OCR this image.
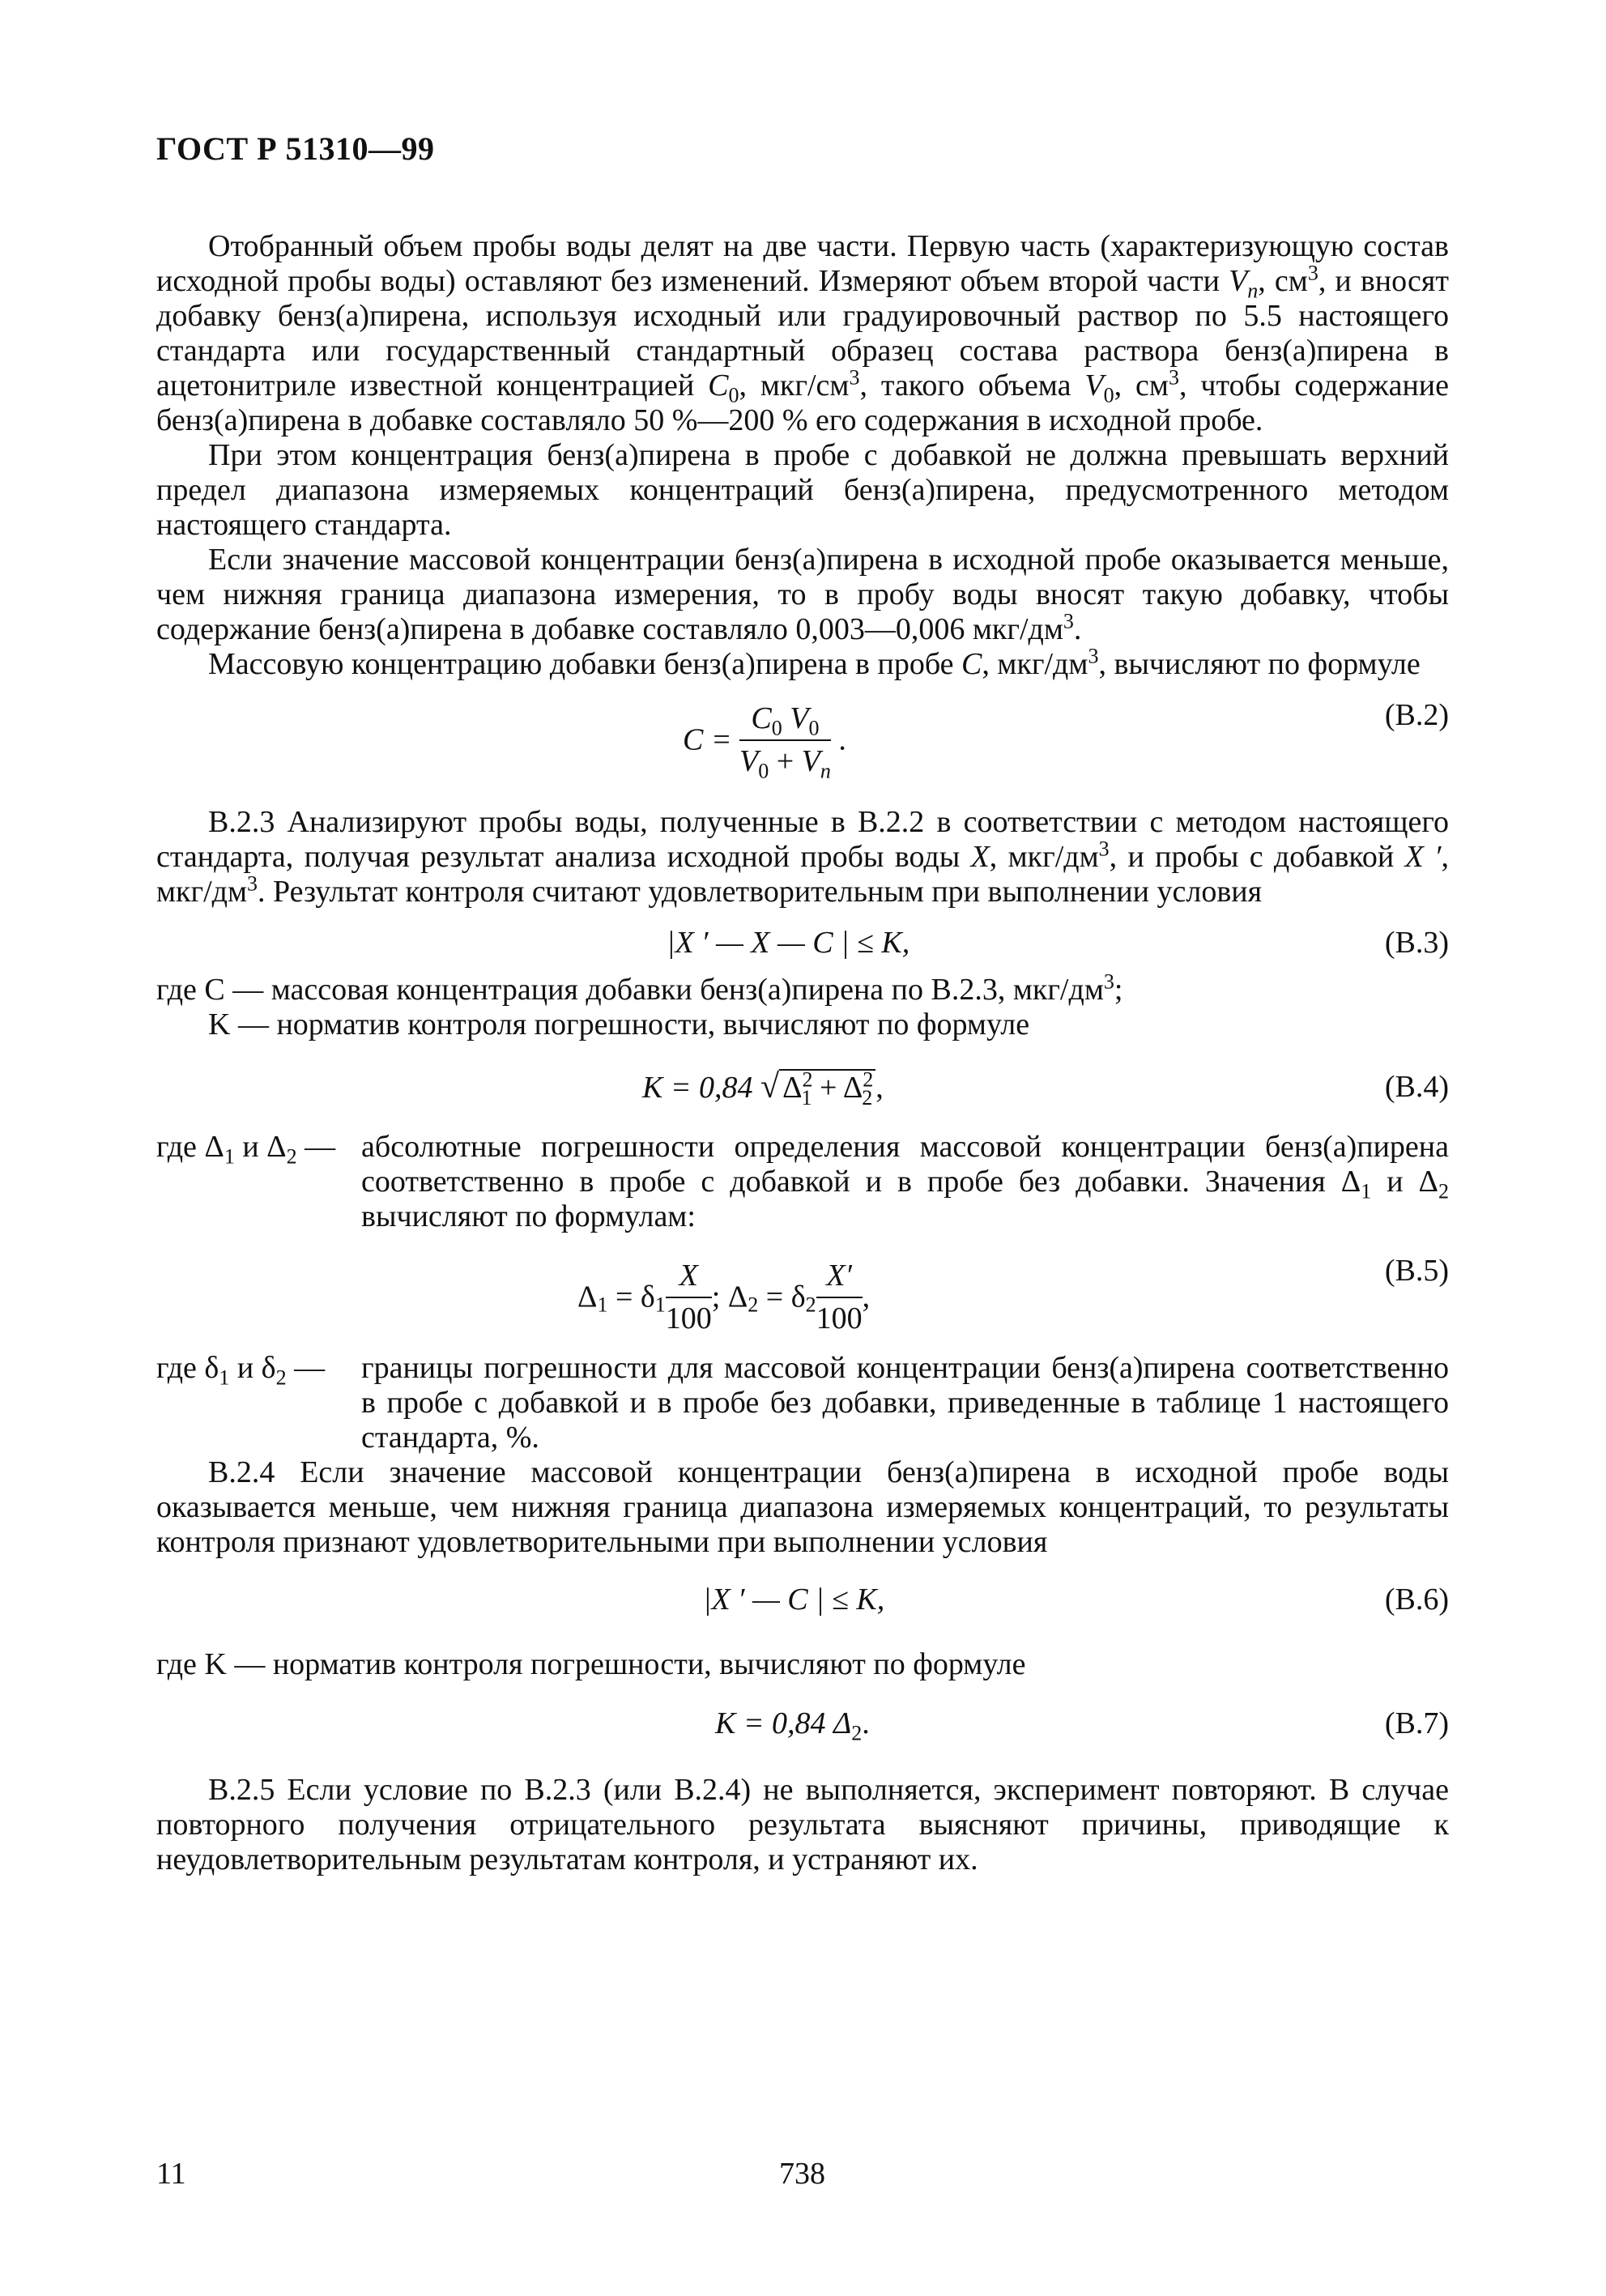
ГОСТ Р 51310—99

Отобранный объем пробы воды делят на две части. Первую часть (характеризующую состав исходной пробы воды) оставляют без изменений. Измеряют объем второй части $V_n$, $см^3$, и вносят добавку бенз(а)пирена, используя исходный или градуировочный раствор по 5.5 настоящего стандарта или государственный стандартный образец состава раствора бенз(а)пирена в ацетонитриле известной концентрацией $C_0$, мкг/$см^3$, такого объема $V_0$, $см^3$, чтобы содержание бенз(а)пирена в добавке составляло 50 %—200 % его содержания в исходной пробе.

При этом концентрация бенз(а)пирена в пробе с добавкой не должна превышать верхний предел диапазона измеряемых концентраций бенз(а)пирена, предусмотренного методом настоящего стандарта.

Если значение массовой концентрации бенз(а)пирена в исходной пробе оказывается меньше, чем нижняя граница диапазона измерения, то в пробу воды вносят такую добавку, чтобы содержание бенз(а)пирена в добавке составляло 0,003—0,006 мкг/$дм^3$.

Массовую концентрацию добавки бенз(а)пирена в пробе C, мкг/$дм^3$, вычисляют по формуле

$C = \frac{C_0 V_0}{V_0 + V_n}$ .
(В.2)

В.2.3 Анализируют пробы воды, полученные в В.2.2 в соответствии с методом настоящего стандарта, получая результат анализа исходной пробы воды X, мкг/$дм^3$, и пробы с добавкой X ′, мкг/$дм^3$. Результат контроля считают удовлетворительным при выполнении условия

|X ′ — X — C | ≤ K,	(В.3)
где C —
массовая концентрация добавки бенз(а)пирена по В.2.3, мкг/$дм^3$;
K —
норматив контроля погрешности, вычисляют по формуле
K = 0,84 √ $\Delta^2_1 + \Delta^2_2$ ,	(В.4)
где $\Delta_1$ и $\Delta_2$ — абсолютные погрешности определения массовой концентрации бенз(а)пирена соответственно в пробе с добавкой и в пробе без добавки. Значения $\Delta_1$ и $\Delta_2$ вычисляют по формулам:
$\Delta_1 = \delta_1 \frac{X}{100}$ ; $\Delta_2 = \delta_2 \frac{X'}{100}$ ,
(В.5)
где $\delta_1$ и $\delta_2$ —	границы погрешности для массовой концентрации бенз(а)пирена соответственно в пробе с добавкой и в пробе без добавки, приведенные в таблице 1 настоящего стандарта, %.

В.2.4 Если значение массовой концентрации бенз(а)пирена в исходной пробе воды оказывается меньше, чем нижняя граница диапазона измеряемых концентраций, то результаты контроля признают удовлетворительными при выполнении условия

|X ′ — C | ≤ K,	(В.6)
где K —
норматив контроля погрешности, вычисляют по формуле
K = 0,84 $\Delta_2$.	(В.7)

В.2.5 Если условие по В.2.3 (или В.2.4) не выполняется, эксперимент повторяют. В случае повторного получения отрицательного результата выясняют причины, приводящие к неудовлетворительным результатам контроля, и устраняют их.

11	738
